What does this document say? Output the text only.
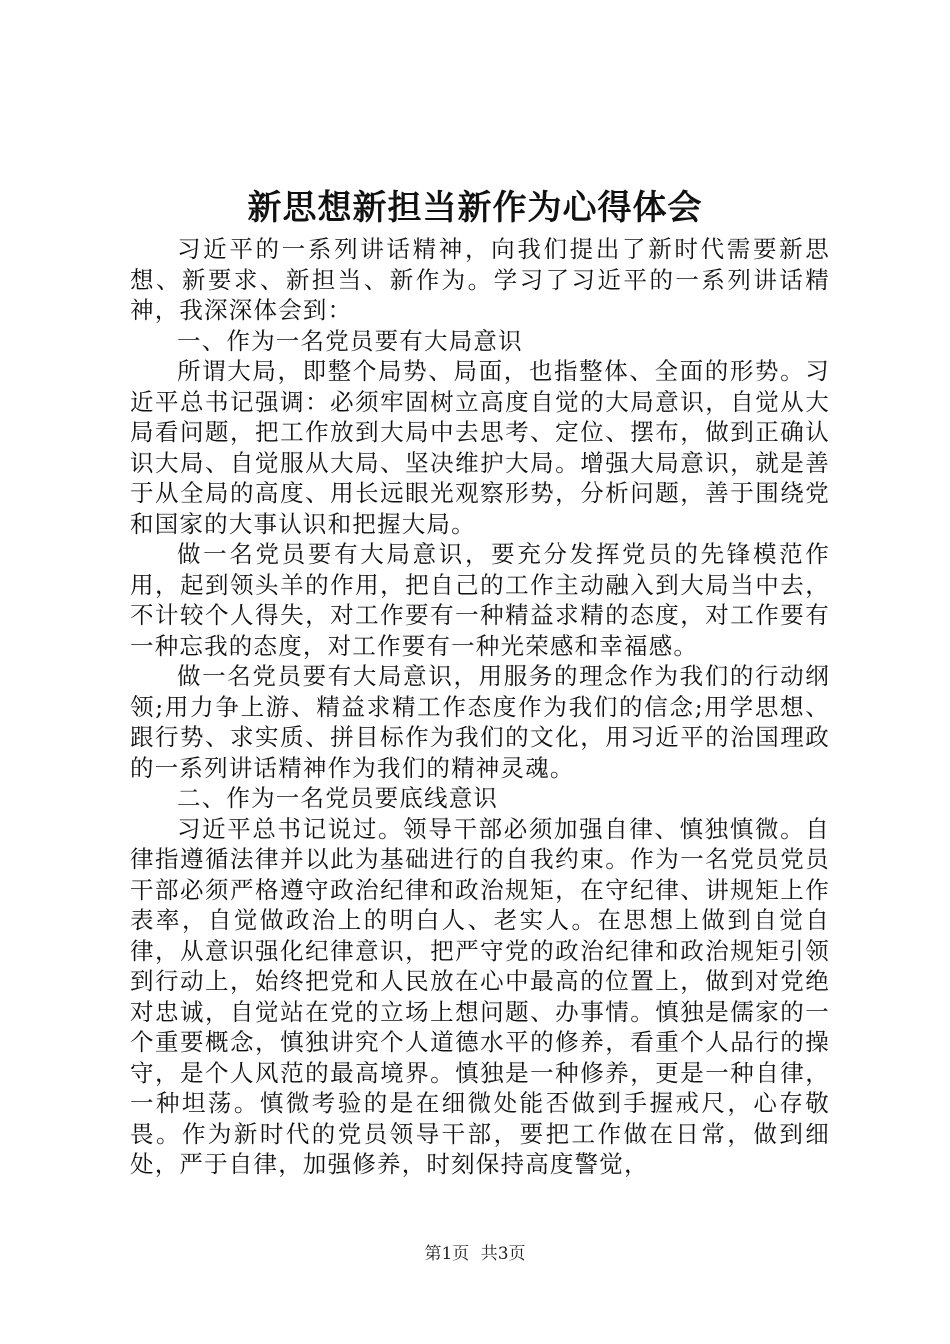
新思想新担当新作为心得体会

习近平的一系列讲话精神，向我们提出了新时代需要新思想、新要求、新担当、新作为。学习了习近平的一系列讲话精神，我深深体会到：

一、作为一名党员要有大局意识

所谓大局，即整个局势、局面，也指整体、全面的形势。习近平总书记强调：必须牢固树立高度自觉的大局意识，自觉从大局看问题，把工作放到大局中去思考、定位、摆布，做到正确认识大局、自觉服从大局、坚决维护大局。增强大局意识，就是善于从全局的高度、用长远眼光观察形势，分析问题，善于围绕党和国家的大事认识和把握大局。

做一名党员要有大局意识，要充分发挥党员的先锋模范作用，起到领头羊的作用，把自己的工作主动融入到大局当中去，不计较个人得失，对工作要有一种精益求精的态度，对工作要有一种忘我的态度，对工作要有一种光荣感和幸福感。

做一名党员要有大局意识，用服务的理念作为我们的行动纲领;用力争上游、精益求精工作态度作为我们的信念;用学思想、跟行势、求实质、拼目标作为我们的文化，用习近平的治国理政的一系列讲话精神作为我们的精神灵魂。

二、作为一名党员要底线意识

习近平总书记说过。领导干部必须加强自律、慎独慎微。自律指遵循法律并以此为基础进行的自我约束。作为一名党员党员干部必须严格遵守政治纪律和政治规矩，在守纪律、讲规矩上作表率，自觉做政治上的明白人、老实人。在思想上做到自觉自律，从意识强化纪律意识，把严守党的政治纪律和政治规矩引领到行动上，始终把党和人民放在心中最高的位置上，做到对党绝对忠诚，自觉站在党的立场上想问题、办事情。慎独是儒家的一个重要概念，慎独讲究个人道德水平的修养，看重个人品行的操守，是个人风范的最高境界。慎独是一种修养，更是一种自律，一种坦荡。慎微考验的是在细微处能否做到手握戒尺，心存敬畏。作为新时代的党员领导干部，要把工作做在日常，做到细处，严于自律，加强修养，时刻保持高度警觉，

第1页 共3页
